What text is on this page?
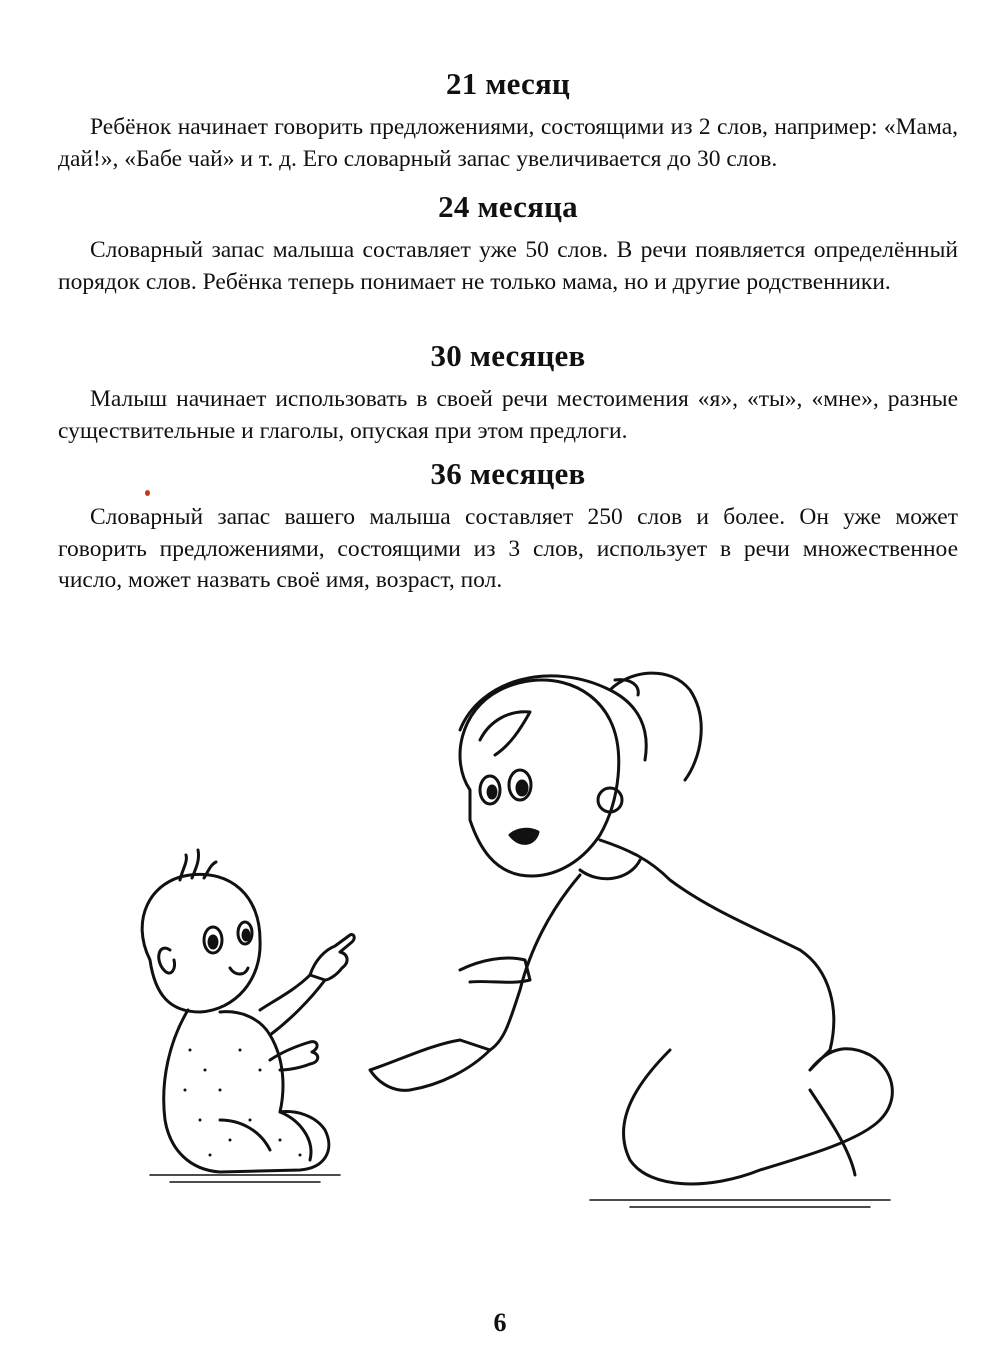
21 месяц

Ребёнок начинает говорить предложениями, состоящими из 2 слов, например: «Мама, дай!», «Бабе чай» и т. д. Его словарный запас увеличивается до 30 слов.

24 месяца

Словарный запас малыша составляет уже 50 слов. В речи появляется определённый порядок слов. Ребёнка теперь понимает не только мама, но и другие родственники.

30 месяцев

Малыш начинает использовать в своей речи местоимения «я», «ты», «мне», разные существительные и глаголы, опуская при этом предлоги.

36 месяцев

Словарный запас вашего малыша составляет 250 слов и более. Он уже может говорить предложениями, состоящими из 3 слов, использует в речи множественное число, может назвать своё имя, возраст, пол.

6
